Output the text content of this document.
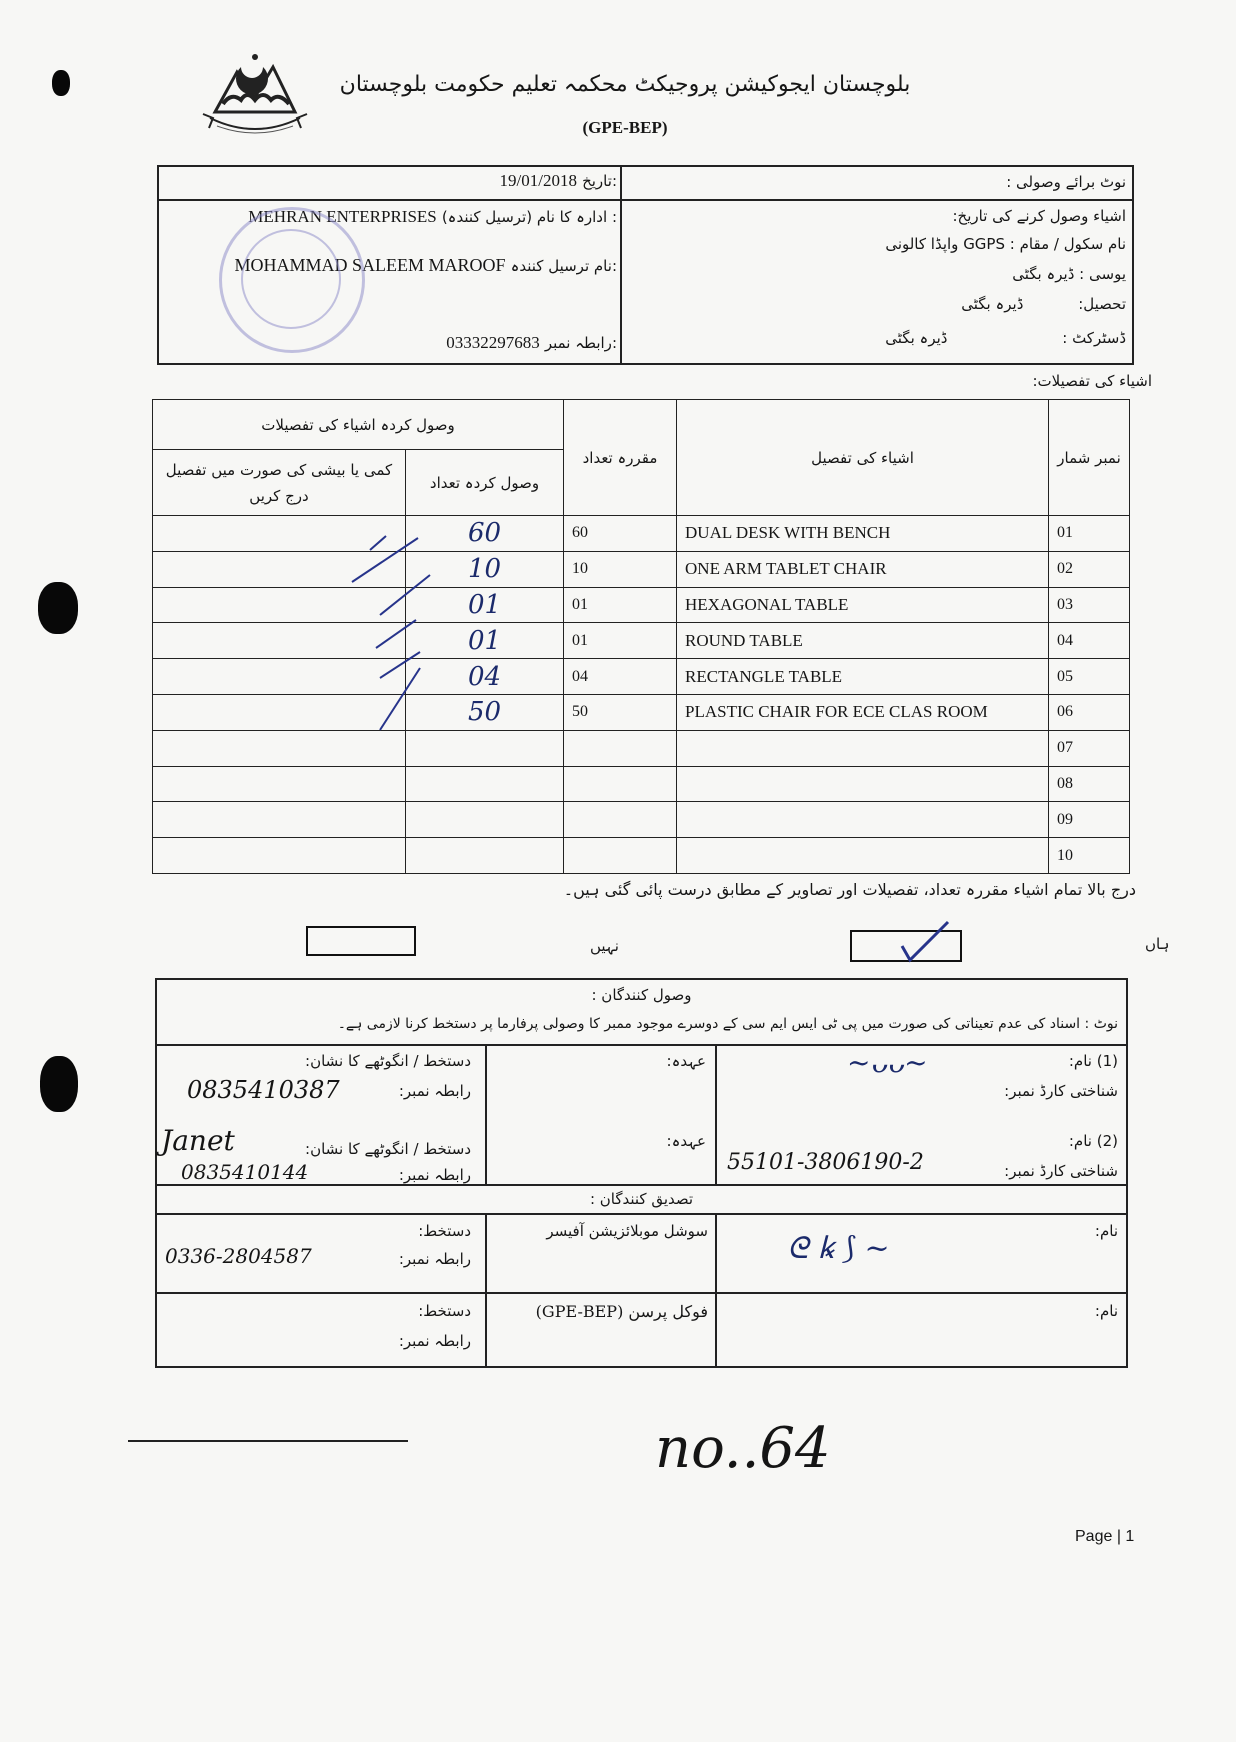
بلوچستان ایجوکیشن پروجیکٹ محکمہ تعلیم حکومت بلوچستان
(GPE-BEP)
نوٹ برائے وصولی :
اشیاء وصول کرنے کی تاریخ:
نام سکول / مقام : GGPS واپڈا کالونی
یوسی : ڈیرہ بگٹی
تحصیل: ڈیرہ بگٹی
ڈسٹرکٹ : ڈیرہ بگٹی
19/01/2018 تاریخ:
MEHRAN ENTERPRISES ادارہ کا نام (ترسیل کنندہ) :
MOHAMMAD SALEEM MAROOF نام ترسیل کنندہ:
03332297683 رابطہ نمبر:
اشیاء کی تفصیلات:
وصول کردہ اشیاء کی تفصیلات		مقررہ تعداد	اشیاء کی تفصیل	نمبر شمار
کمی یا بیشی کی صورت میں تفصیل درج کریں	وصول کردہ تعداد			
	60	60	DUAL DESK WITH BENCH	01
	10	10	ONE ARM TABLET CHAIR	02
	01	01	HEXAGONAL TABLE	03
	01	01	ROUND TABLE	04
	04	04	RECTANGLE TABLE	05
	50	50	PLASTIC CHAIR FOR ECE CLAS ROOM	06
				07
				08
				09
				10
درج بالا تمام اشیاء مقررہ تعداد، تفصیلات اور تصاویر کے مطابق درست پائی گئی ہیں۔
ہاں
نہیں
وصول کنندگان :
نوٹ : اسناد کی عدم تعیناتی کی صورت میں پی ٹی ایس ایم سی کے دوسرے موجود ممبر کا وصولی پرفارما پر دستخط کرنا لازمی ہے۔
(1) نام:
~ᴗᴗ~
شناختی کارڈ نمبر:
عہدہ:
دستخط / انگوٹھے کا نشان:
رابطہ نمبر:
0835410387
(2) نام:
شناختی کارڈ نمبر:
55101-3806190-2
عہدہ:
دستخط / انگوٹھے کا نشان:
Janet
رابطہ نمبر:
0835410144
تصدیق کنندگان :
نام:
ᘓ ꝃ ⟆ ~
سوشل موبلائزیشن آفیسر
دستخط:
رابطہ نمبر:
0336-2804587
نام:
فوکل پرسن (GPE-BEP)
دستخط:
رابطہ نمبر:
no..64
Page | 1
